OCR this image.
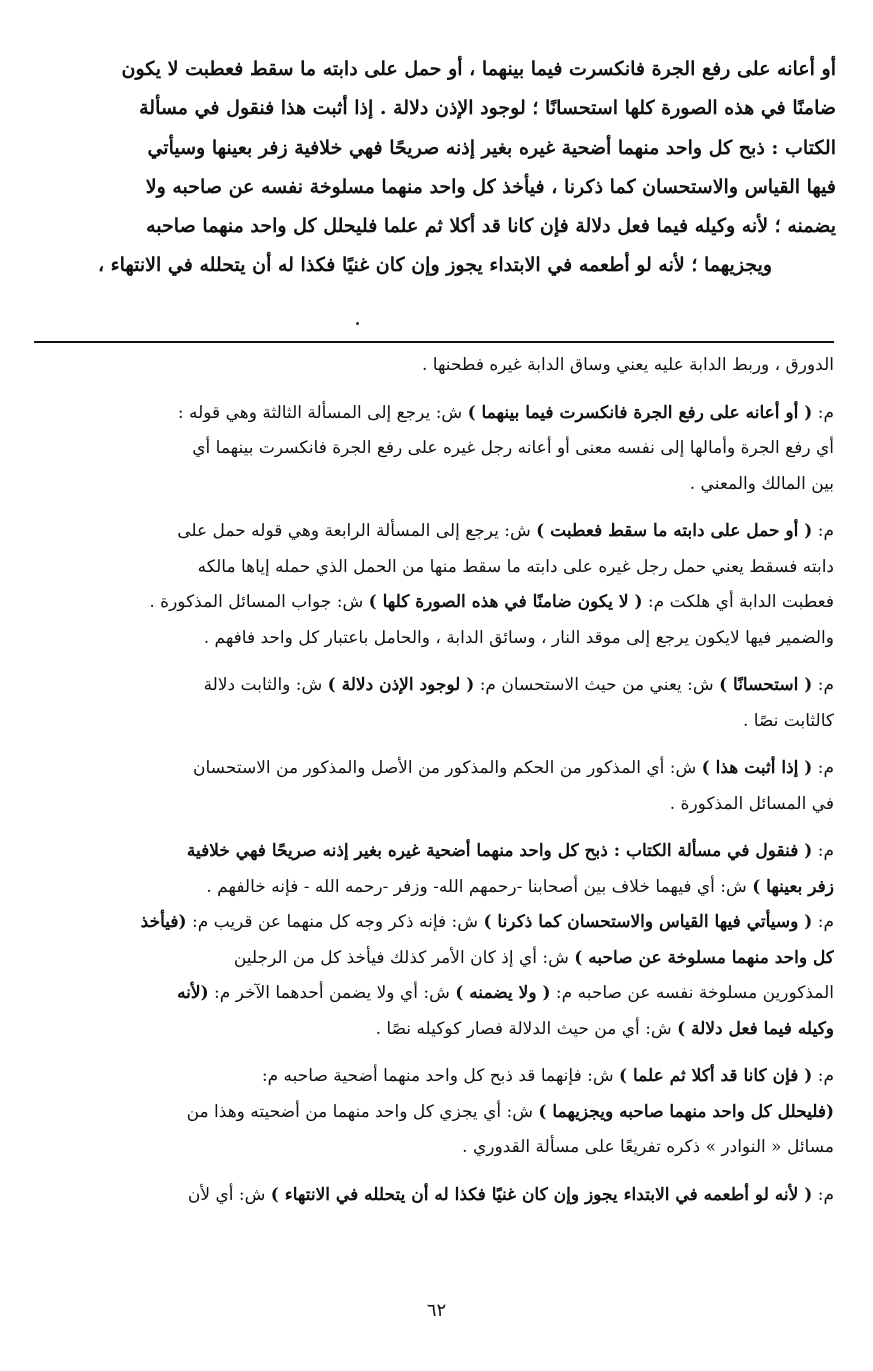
أو أعانه على رفع الجرة فانكسرت فيما بينهما ، أو حمل على دابته ما سقط فعطبت لا يكون
ضامنًا في هذه الصورة كلها استحسانًا ؛ لوجود الإذن دلالة . إذا أثبت هذا فنقول في مسألة
الكتاب : ذبح كل واحد منهما أضحية غيره بغير إذنه صريحًا فهي خلافية زفر بعينها وسيأتي
فيها القياس والاستحسان كما ذكرنا ، فيأخذ كل واحد منهما مسلوخة نفسه عن صاحبه ولا
يضمنه ؛ لأنه وكيله فيما فعل دلالة فإن كانا قد أكلا ثم علما فليحلل كل واحد منهما صاحبه
ويجزيهما ؛ لأنه لو أطعمه في الابتداء يجوز وإن كان غنيًا فكذا له أن يتحلله في الانتهاء ،
الدورق ، وربط الدابة عليه يعني وساق الدابة غيره فطحنها .
م: ( أو أعانه على رفع الجرة فانكسرت فيما بينهما ) ش: يرجع إلى المسألة الثالثة وهي قوله :
أي رفع الجرة وأمالها إلى نفسه معنى أو أعانه رجل غيره على رفع الجرة فانكسرت بينهما أي
بين المالك والمعني .
م: ( أو حمل على دابته ما سقط فعطبت ) ش: يرجع إلى المسألة الرابعة وهي قوله حمل على
دابته فسقط يعني حمل رجل غيره على دابته ما سقط منها من الحمل الذي حمله إياها مالكه
فعطبت الدابة أي هلكت م: ( لا يكون ضامنًا في هذه الصورة كلها ) ش: جواب المسائل المذكورة .
والضمير فيها لايكون يرجع إلى موقد النار ، وسائق الدابة ، والحامل باعتبار كل واحد فافهم .
م: ( استحسانًا ) ش: يعني من حيث الاستحسان م: ( لوجود الإذن دلالة ) ش: والثابت دلالة
كالثابت نصًا .
م: ( إذا أثبت هذا ) ش: أي المذكور من الحكم والمذكور من الأصل والمذكور من الاستحسان
في المسائل المذكورة .
م: ( فنقول في مسألة الكتاب : ذبح كل واحد منهما أضحية غيره بغير إذنه صريحًا فهي خلافية
زفر بعينها ) ش: أي فيهما خلاف بين أصحابنا -رحمهم الله- وزفر -رحمه الله - فإنه خالفهم .
م: ( وسيأتي فيها القياس والاستحسان كما ذكرنا ) ش: فإنه ذكر وجه كل منهما عن قريب م: (فيأخذ
كل واحد منهما مسلوخة عن صاحبه ) ش: أي إذ كان الأمر كذلك فيأخذ كل من الرجلين
المذكورين مسلوخة نفسه عن صاحبه م: ( ولا يضمنه ) ش: أي ولا يضمن أحدهما الآخر م: (لأنه
وكيله فيما فعل دلالة ) ش: أي من حيث الدلالة فصار كوكيله نصًا .
م: ( فإن كانا قد أكلا ثم علما ) ش: فإنهما قد ذبح كل واحد منهما أضحية صاحبه م:
(فليحلل كل واحد منهما صاحبه ويجزيهما ) ش: أي يجزي كل واحد منهما من أضحيته وهذا من
مسائل « النوادر » ذكره تفريعًا على مسألة القدوري .
م: ( لأنه لو أطعمه في الابتداء يجوز وإن كان غنيًا فكذا له أن يتحلله في الانتهاء ) ش: أي لأن
٦٢
